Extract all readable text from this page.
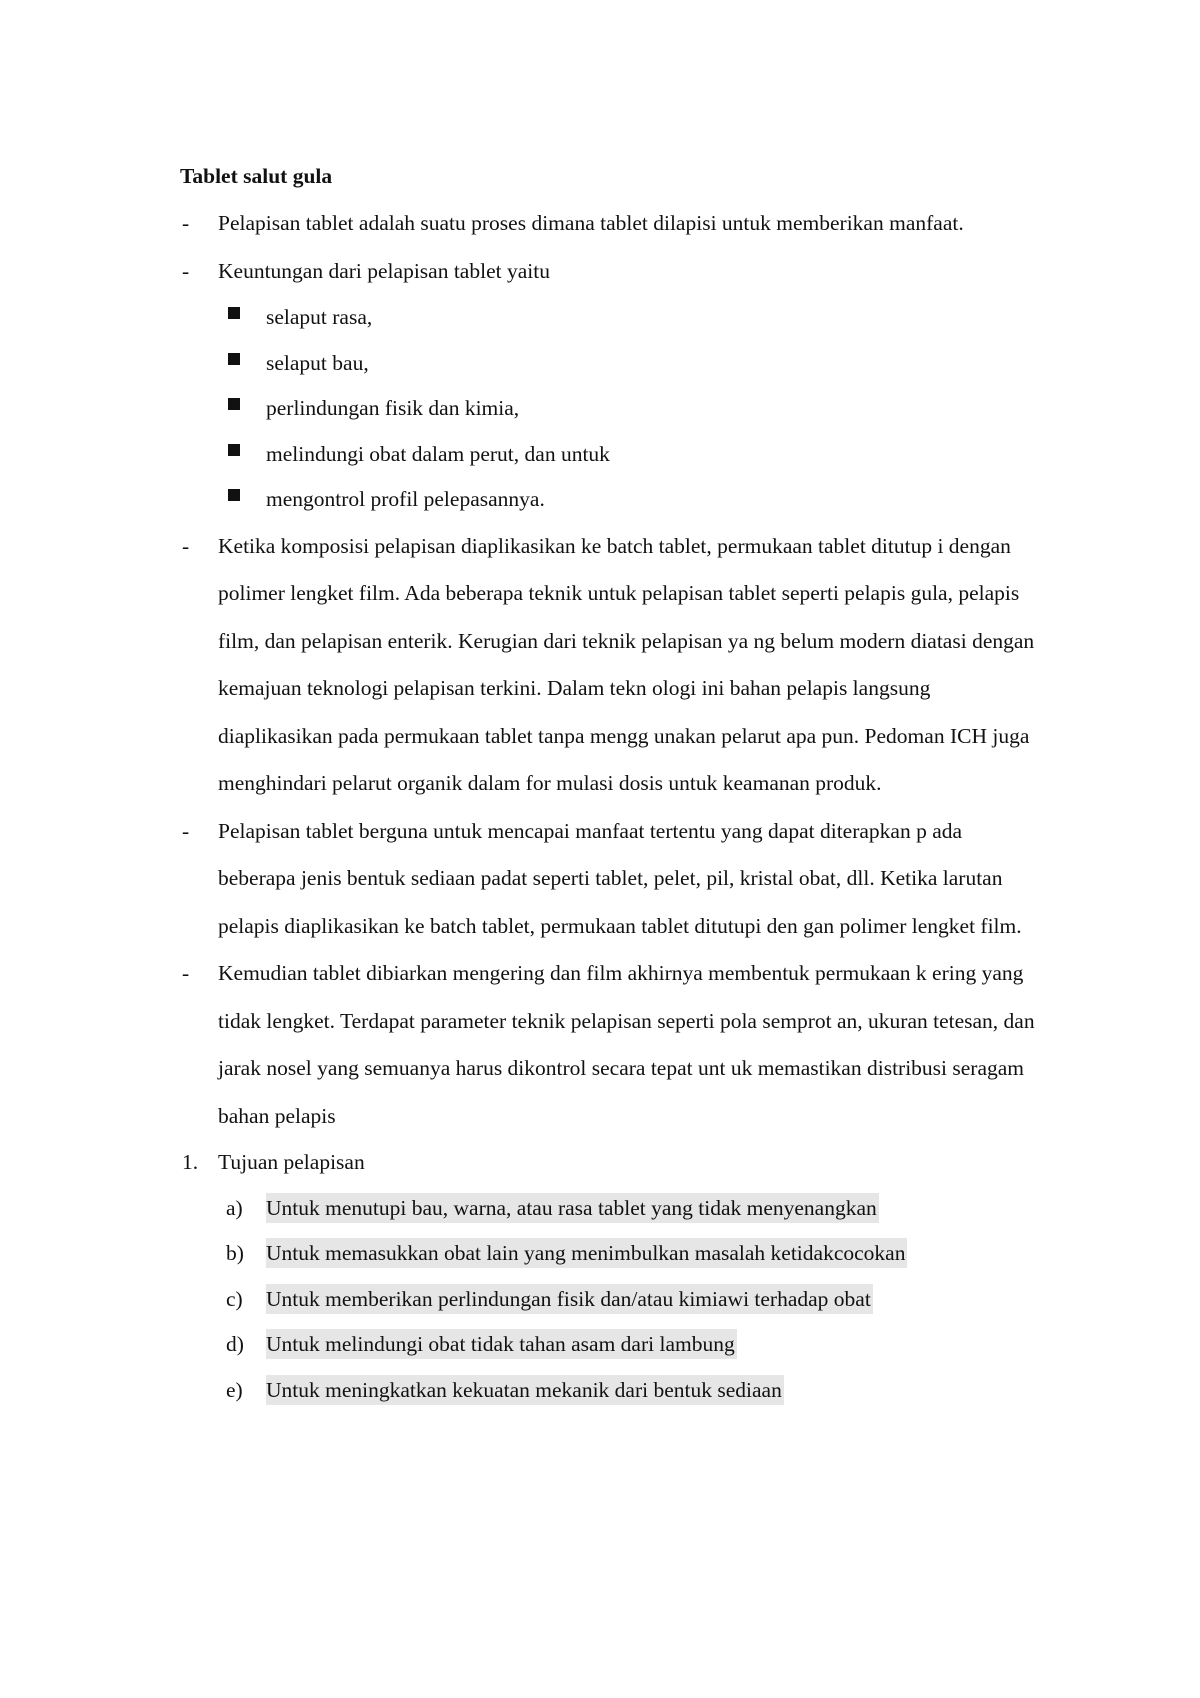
Tablet salut gula
- Pelapisan tablet adalah suatu proses dimana tablet dilapisi untuk memberikan manfaat.
- Keuntungan dari pelapisan tablet yaitu
selaput rasa,
selaput bau,
perlindungan fisik dan kimia,
melindungi obat dalam perut, dan untuk
mengontrol profil pelepasannya.
- Ketika komposisi pelapisan diaplikasikan ke batch tablet, permukaan tablet ditutup i dengan polimer lengket film. Ada beberapa teknik untuk pelapisan tablet seperti pelapis gula, pelapis film, dan pelapisan enterik. Kerugian dari teknik pelapisan ya ng belum modern diatasi dengan kemajuan teknologi pelapisan terkini. Dalam tekn ologi ini bahan pelapis langsung diaplikasikan pada permukaan tablet tanpa mengg unakan pelarut apa pun. Pedoman ICH juga menghindari pelarut organik dalam for mulasi dosis untuk keamanan produk.
- Pelapisan tablet berguna untuk mencapai manfaat tertentu yang dapat diterapkan p ada beberapa jenis bentuk sediaan padat seperti tablet, pelet, pil, kristal obat, dll. Ketika larutan pelapis diaplikasikan ke batch tablet, permukaan tablet ditutupi den gan polimer lengket film.
- Kemudian tablet dibiarkan mengering dan film akhirnya membentuk permukaan k ering yang tidak lengket. Terdapat parameter teknik pelapisan seperti pola semprot an, ukuran tetesan, dan jarak nosel yang semuanya harus dikontrol secara tepat unt uk memastikan distribusi seragam bahan pelapis
1. Tujuan pelapisan
a) Untuk menutupi bau, warna, atau rasa tablet yang tidak menyenangkan
b) Untuk memasukkan obat lain yang menimbulkan masalah ketidakcocokan
c) Untuk memberikan perlindungan fisik dan/atau kimiawi terhadap obat
d) Untuk melindungi obat tidak tahan asam dari lambung
e) Untuk meningkatkan kekuatan mekanik dari bentuk sediaan
